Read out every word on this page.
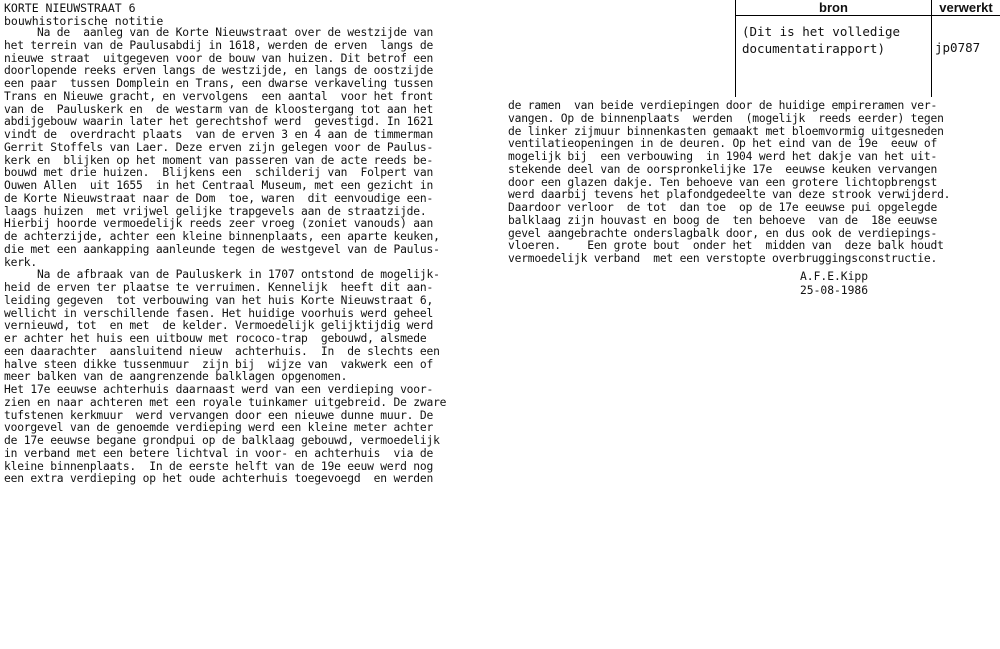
KORTE NIEUWSTRAAT 6
bouwhistorische notitie
bron	verwerkt
(Dit is het volledige
documentatirapport)	jp0787
Na de  aanleg van de Korte Nieuwstraat over de westzijde van
het terrein van de Paulusabdij in 1618, werden de erven  langs de
nieuwe straat  uitgegeven voor de bouw van huizen. Dit betrof een
doorlopende reeks erven langs de westzijde, en langs de oostzijde
een paar  tussen Domplein en Trans, een dwarse verkaveling tussen
Trans en Nieuwe gracht, en vervolgens  een aantal  voor het front
van de  Pauluskerk en  de westarm van de kloostergang tot aan het
abdijgebouw waarin later het gerechtshof werd  gevestigd. In 1621
vindt de  overdracht plaats  van de erven 3 en 4 aan de timmerman
Gerrit Stoffels van Laer. Deze erven zijn gelegen voor de Paulus-
kerk en  blijken op het moment van passeren van de acte reeds be-
bouwd met drie huizen.  Blijkens een  schilderij van  Folpert van
Ouwen Allen  uit 1655  in het Centraal Museum, met een gezicht in
de Korte Nieuwstraat naar de Dom  toe, waren  dit eenvoudige een-
laags huizen  met vrijwel gelijke trapgevels aan de straatzijde.
Hierbij hoorde vermoedelijk reeds zeer vroeg (zoniet vanouds) aan
de achterzijde, achter een kleine binnenplaats, een aparte keuken,
die met een aankapping aanleunde tegen de westgevel van de Paulus-
kerk.
Na de afbraak van de Pauluskerk in 1707 ontstond de mogelijk-
heid de erven ter plaatse te verruimen. Kennelijk  heeft dit aan-
leiding gegeven  tot verbouwing van het huis Korte Nieuwstraat 6,
wellicht in verschillende fasen. Het huidige voorhuis werd geheel
vernieuwd, tot  en met  de kelder. Vermoedelijk gelijktijdig werd
er achter het huis een uitbouw met rococo-trap  gebouwd, alsmede
een daarachter  aansluitend nieuw  achterhuis.  In  de slechts een
halve steen dikke tussenmuur  zijn bij  wijze van  vakwerk een of
meer balken van de aangrenzende balklagen opgenomen.
Het 17e eeuwse achterhuis daarnaast werd van een verdieping voor-
zien en naar achteren met een royale tuinkamer uitgebreid. De zware
tufstenen kerkmuur  werd vervangen door een nieuwe dunne muur. De
voorgevel van de genoemde verdieping werd een kleine meter achter
de 17e eeuwse begane grondpui op de balklaag gebouwd, vermoedelijk
in verband met een betere lichtval in voor- en achterhuis  via de
kleine binnenplaats.  In de eerste helft van de 19e eeuw werd nog
een extra verdieping op het oude achterhuis toegevoegd  en werden
de ramen  van beide verdiepingen door de huidige empireramen ver-
vangen. Op de binnenplaats  werden  (mogelijk  reeds eerder) tegen
de linker zijmuur binnenkasten gemaakt met bloemvormig uitgesneden
ventilatieopeningen in de deuren. Op het eind van de 19e  eeuw of
mogelijk bij  een verbouwing  in 1904 werd het dakje van het uit-
stekende deel van de oorspronkelijke 17e  eeuwse keuken vervangen
door een glazen dakje. Ten behoeve van een grotere lichtopbrengst
werd daarbij tevens het plafondgedeelte van deze strook verwijderd.
Daardoor verloor  de tot  dan toe  op de 17e eeuwse pui opgelegde
balklaag zijn houvast en boog de  ten behoeve  van de  18e eeuwse
gevel aangebrachte onderslagbalk door, en dus ook de verdiepings-
vloeren.    Een grote bout  onder het  midden van  deze balk houdt
vermoedelijk verband  met een verstopte overbruggingsconstructie.
A.F.E.Kipp
25-08-1986
